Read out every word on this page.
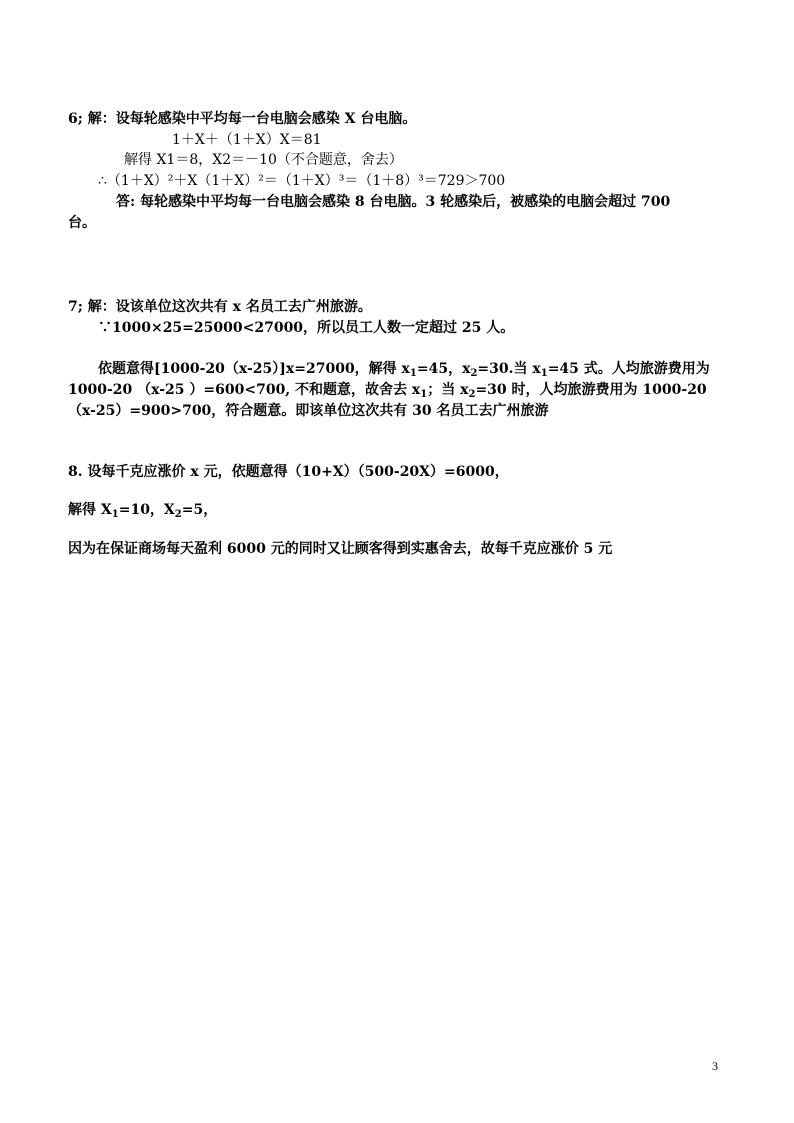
6; 解：设每轮感染中平均每一台电脑会感染 X 台电脑。
1＋X＋（1＋X）X＝81
解得 X1＝8，X2＝－10（不合题意，舍去）
∴（1＋X）²＋X（1＋X）²＝（1＋X）³＝（1＋8）³＝729＞700
答: 每轮感染中平均每一台电脑会感染 8 台电脑。3 轮感染后，被感染的电脑会超过 700
台。
7; 解：设该单位这次共有 x 名员工去广州旅游。
∵1000×25=25000<27000，所以员工人数一定超过 25 人。
依题意得[1000-20（x-25）]x=27000，解得 $x_1=45$，$x_2=30$.当 $x_1=45$ 式。人均旅游费用为
1000-20 （x-25 ）=600<700, 不和题意，故舍去 $x_1$；当 $x_2=30$ 时，人均旅游费用为 1000-20
（x-25）=900>700，符合题意。即该单位这次共有 30 名员工去广州旅游
8. 设每千克应涨价 x 元，依题意得（10+X）（500-20X）=6000，
解得 $X_1=10$，$X_2=5$，
因为在保证商场每天盈利 6000 元的同时又让顾客得到实惠舍去，故每千克应涨价 5 元
3
